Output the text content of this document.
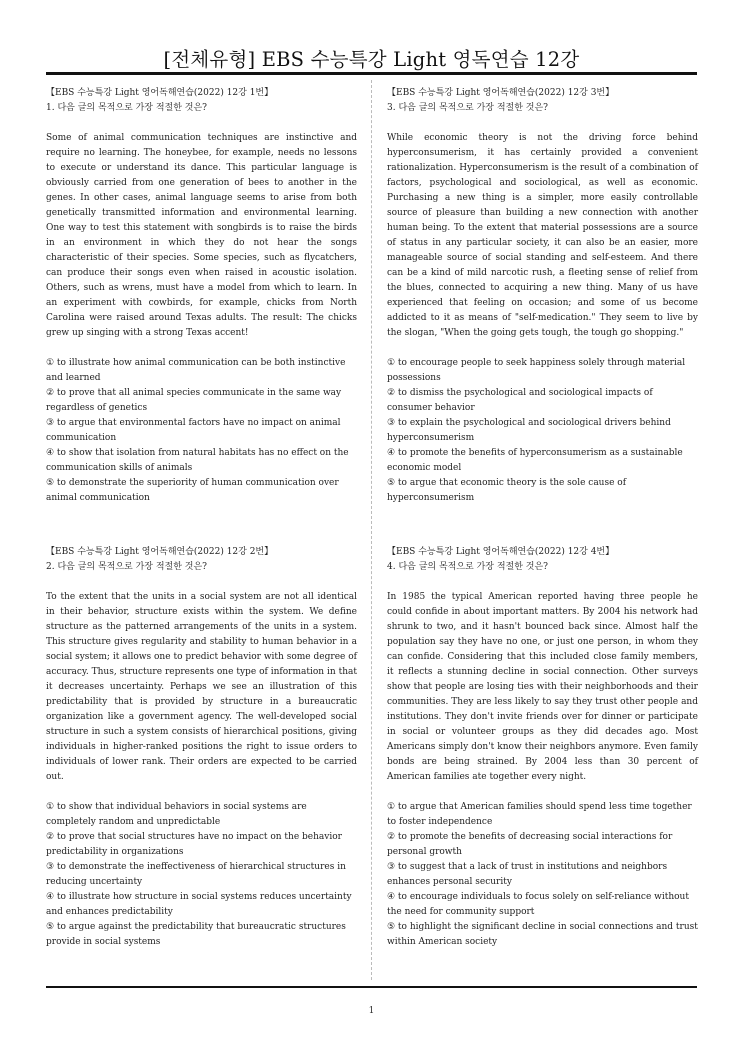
[전체유형] EBS 수능특강 Light 영독연습 12강
【EBS 수능특강 Light 영어독해연습(2022) 12강 1번】
1. 다음 글의 목적으로 가장 적절한 것은?
Some of animal communication techniques are instinctive and require no learning. The honeybee, for example, needs no lessons to execute or understand its dance. This particular language is obviously carried from one generation of bees to another in the genes. In other cases, animal language seems to arise from both genetically transmitted information and environmental learning. One way to test this statement with songbirds is to raise the birds in an environment in which they do not hear the songs characteristic of their species. Some species, such as flycatchers, can produce their songs even when raised in acoustic isolation. Others, such as wrens, must have a model from which to learn. In an experiment with cowbirds, for example, chicks from North Carolina were raised around Texas adults. The result: The chicks grew up singing with a strong Texas accent!
① to illustrate how animal communication can be both instinctive and learned
② to prove that all animal species communicate in the same way regardless of genetics
③ to argue that environmental factors have no impact on animal communication
④ to show that isolation from natural habitats has no effect on the communication skills of animals
⑤ to demonstrate the superiority of human communication over animal communication
【EBS 수능특강 Light 영어독해연습(2022) 12강 2번】
2. 다음 글의 목적으로 가장 적절한 것은?
To the extent that the units in a social system are not all identical in their behavior, structure exists within the system. We define structure as the patterned arrangements of the units in a system. This structure gives regularity and stability to human behavior in a social system; it allows one to predict behavior with some degree of accuracy. Thus, structure represents one type of information in that it decreases uncertainty. Perhaps we see an illustration of this predictability that is provided by structure in a bureaucratic organization like a government agency. The well-developed social structure in such a system consists of hierarchical positions, giving individuals in higher-ranked positions the right to issue orders to individuals of lower rank. Their orders are expected to be carried out.
① to show that individual behaviors in social systems are completely random and unpredictable
② to prove that social structures have no impact on the behavior predictability in organizations
③ to demonstrate the ineffectiveness of hierarchical structures in reducing uncertainty
④ to illustrate how structure in social systems reduces uncertainty and enhances predictability
⑤ to argue against the predictability that bureaucratic structures provide in social systems
【EBS 수능특강 Light 영어독해연습(2022) 12강 3번】
3. 다음 글의 목적으로 가장 적절한 것은?
While economic theory is not the driving force behind hyperconsumerism, it has certainly provided a convenient rationalization. Hyperconsumerism is the result of a combination of factors, psychological and sociological, as well as economic. Purchasing a new thing is a simpler, more easily controllable source of pleasure than building a new connection with another human being. To the extent that material possessions are a source of status in any particular society, it can also be an easier, more manageable source of social standing and self-esteem. And there can be a kind of mild narcotic rush, a fleeting sense of relief from the blues, connected to acquiring a new thing. Many of us have experienced that feeling on occasion; and some of us become addicted to it as means of "self-medication." They seem to live by the slogan, "When the going gets tough, the tough go shopping."
① to encourage people to seek happiness solely through material possessions
② to dismiss the psychological and sociological impacts of consumer behavior
③ to explain the psychological and sociological drivers behind hyperconsumerism
④ to promote the benefits of hyperconsumerism as a sustainable economic model
⑤ to argue that economic theory is the sole cause of hyperconsumerism
【EBS 수능특강 Light 영어독해연습(2022) 12강 4번】
4. 다음 글의 목적으로 가장 적절한 것은?
In 1985 the typical American reported having three people he could confide in about important matters. By 2004 his network had shrunk to two, and it hasn't bounced back since. Almost half the population say they have no one, or just one person, in whom they can confide. Considering that this included close family members, it reflects a stunning decline in social connection. Other surveys show that people are losing ties with their neighborhoods and their communities. They are less likely to say they trust other people and institutions. They don't invite friends over for dinner or participate in social or volunteer groups as they did decades ago. Most Americans simply don't know their neighbors anymore. Even family bonds are being strained. By 2004 less than 30 percent of American families ate together every night.
① to argue that American families should spend less time together to foster independence
② to promote the benefits of decreasing social interactions for personal growth
③ to suggest that a lack of trust in institutions and neighbors enhances personal security
④ to encourage individuals to focus solely on self-reliance without the need for community support
⑤ to highlight the significant decline in social connections and trust within American society
1
